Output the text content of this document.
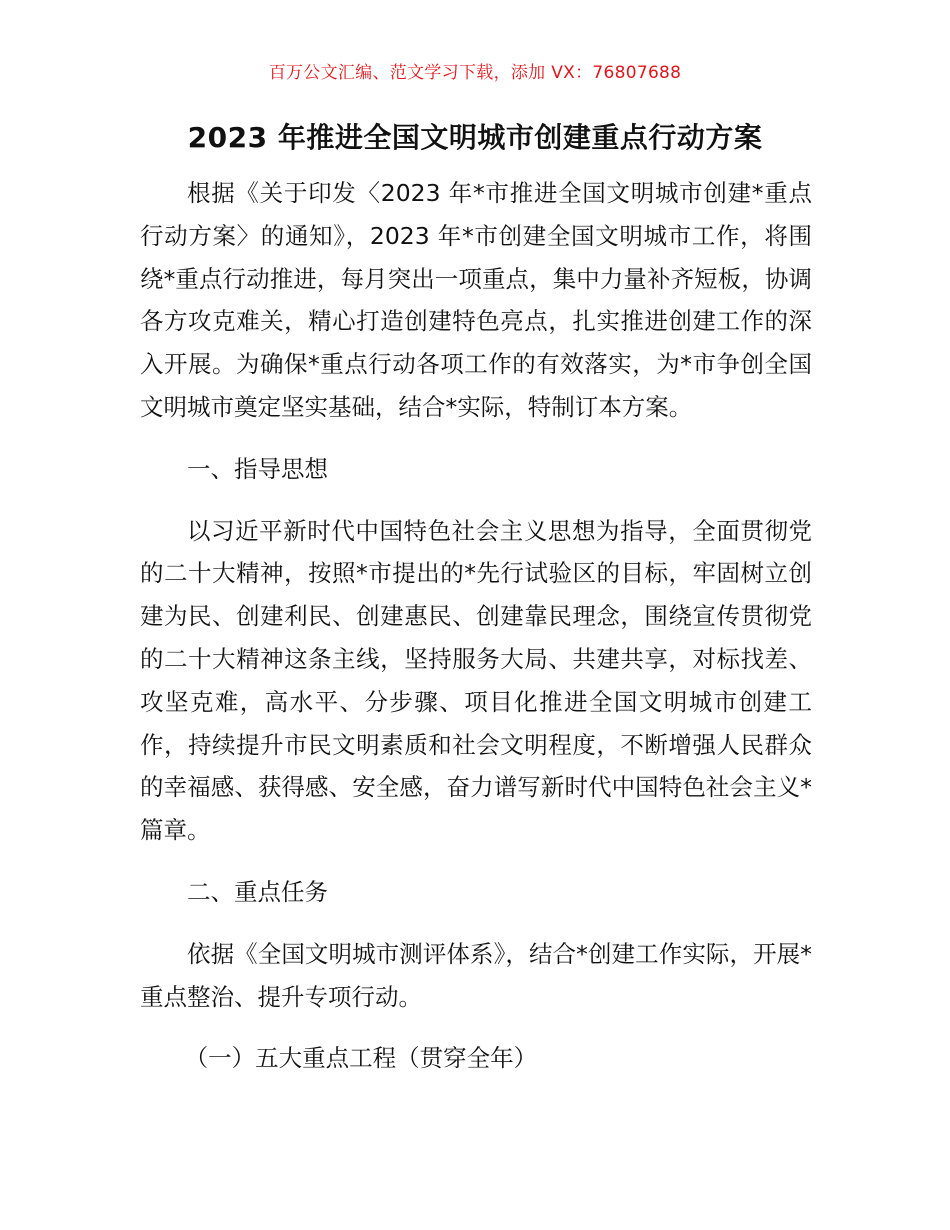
百万公文汇编、范文学习下载，添加 VX：76807688
2023 年推进全国文明城市创建重点行动方案

根据《关于印发〈2023 年*市推进全国文明城市创建*重点行动方案〉的通知》，2023 年*市创建全国文明城市工作，将围绕*重点行动推进，每月突出一项重点，集中力量补齐短板，协调各方攻克难关，精心打造创建特色亮点，扎实推进创建工作的深入开展。为确保*重点行动各项工作的有效落实，为*市争创全国文明城市奠定坚实基础，结合*实际，特制订本方案。

一、指导思想

以习近平新时代中国特色社会主义思想为指导，全面贯彻党的二十大精神，按照*市提出的*先行试验区的目标，牢固树立创建为民、创建利民、创建惠民、创建靠民理念，围绕宣传贯彻党的二十大精神这条主线，坚持服务大局、共建共享，对标找差、攻坚克难，高水平、分步骤、项目化推进全国文明城市创建工作，持续提升市民文明素质和社会文明程度，不断增强人民群众的幸福感、获得感、安全感，奋力谱写新时代中国特色社会主义*篇章。

二、重点任务

依据《全国文明城市测评体系》，结合*创建工作实际，开展*重点整治、提升专项行动。

（一）五大重点工程（贯穿全年）
